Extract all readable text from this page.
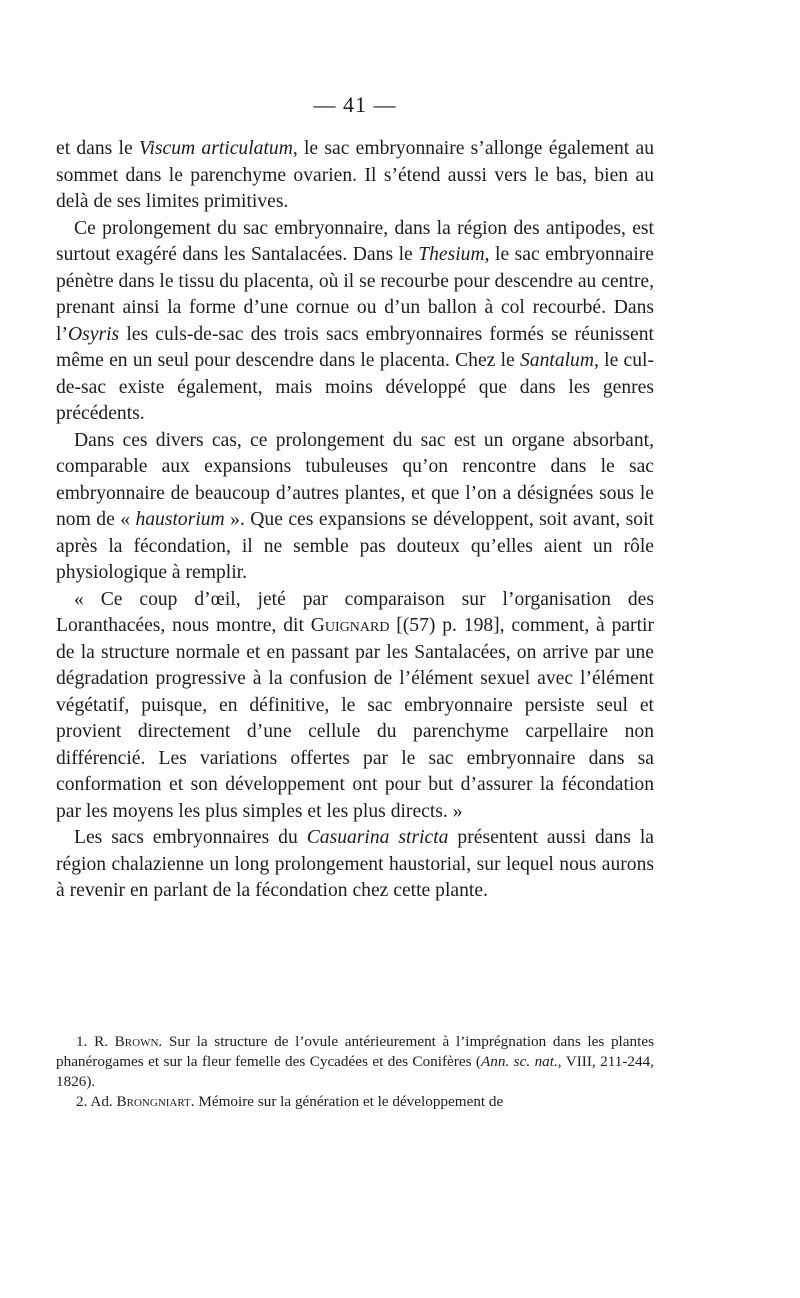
— 41 —

et dans le Viscum articulatum, le sac embryonnaire s’allonge également au sommet dans le parenchyme ovarien. Il s’étend aussi vers le bas, bien au delà de ses limites primitives.

Ce prolongement du sac embryonnaire, dans la région des antipodes, est surtout exagéré dans les Santalacées. Dans le Thesium, le sac embryonnaire pénètre dans le tissu du placenta, où il se recourbe pour descendre au centre, prenant ainsi la forme d’une cornue ou d’un ballon à col recourbé. Dans l’Osyris les culs-de-sac des trois sacs embryonnaires formés se réunissent même en un seul pour descendre dans le placenta. Chez le Santalum, le cul-de-sac existe également, mais moins développé que dans les genres précédents.

Dans ces divers cas, ce prolongement du sac est un organe absorbant, comparable aux expansions tubuleuses qu’on rencontre dans le sac embryonnaire de beaucoup d’autres plantes, et que l’on a désignées sous le nom de « haustorium ». Que ces expansions se développent, soit avant, soit après la fécondation, il ne semble pas douteux qu’elles aient un rôle physiologique à remplir.

« Ce coup d’œil, jeté par comparaison sur l’organisation des Loranthacées, nous montre, dit Guignard [(57) p. 198], comment, à partir de la structure normale et en passant par les Santalacées, on arrive par une dégradation progressive à la confusion de l’élément sexuel avec l’élément végétatif, puisque, en définitive, le sac embryonnaire persiste seul et provient directement d’une cellule du parenchyme carpellaire non différencié. Les variations offertes par le sac embryonnaire dans sa conformation et son développement ont pour but d’assurer la fécondation par les moyens les plus simples et les plus directs. »

Les sacs embryonnaires du Casuarina stricta présentent aussi dans la région chalazienne un long prolongement haustorial, sur lequel nous aurons à revenir en parlant de la fécondation chez cette plante.

1. R. Brown. Sur la structure de l’ovule antérieurement à l’imprégnation dans les plantes phanérogames et sur la fleur femelle des Cycadées et des Conifères (Ann. sc. nat., VIII, 211-244, 1826).

2. Ad. Brongniart. Mémoire sur la génération et le développement de
